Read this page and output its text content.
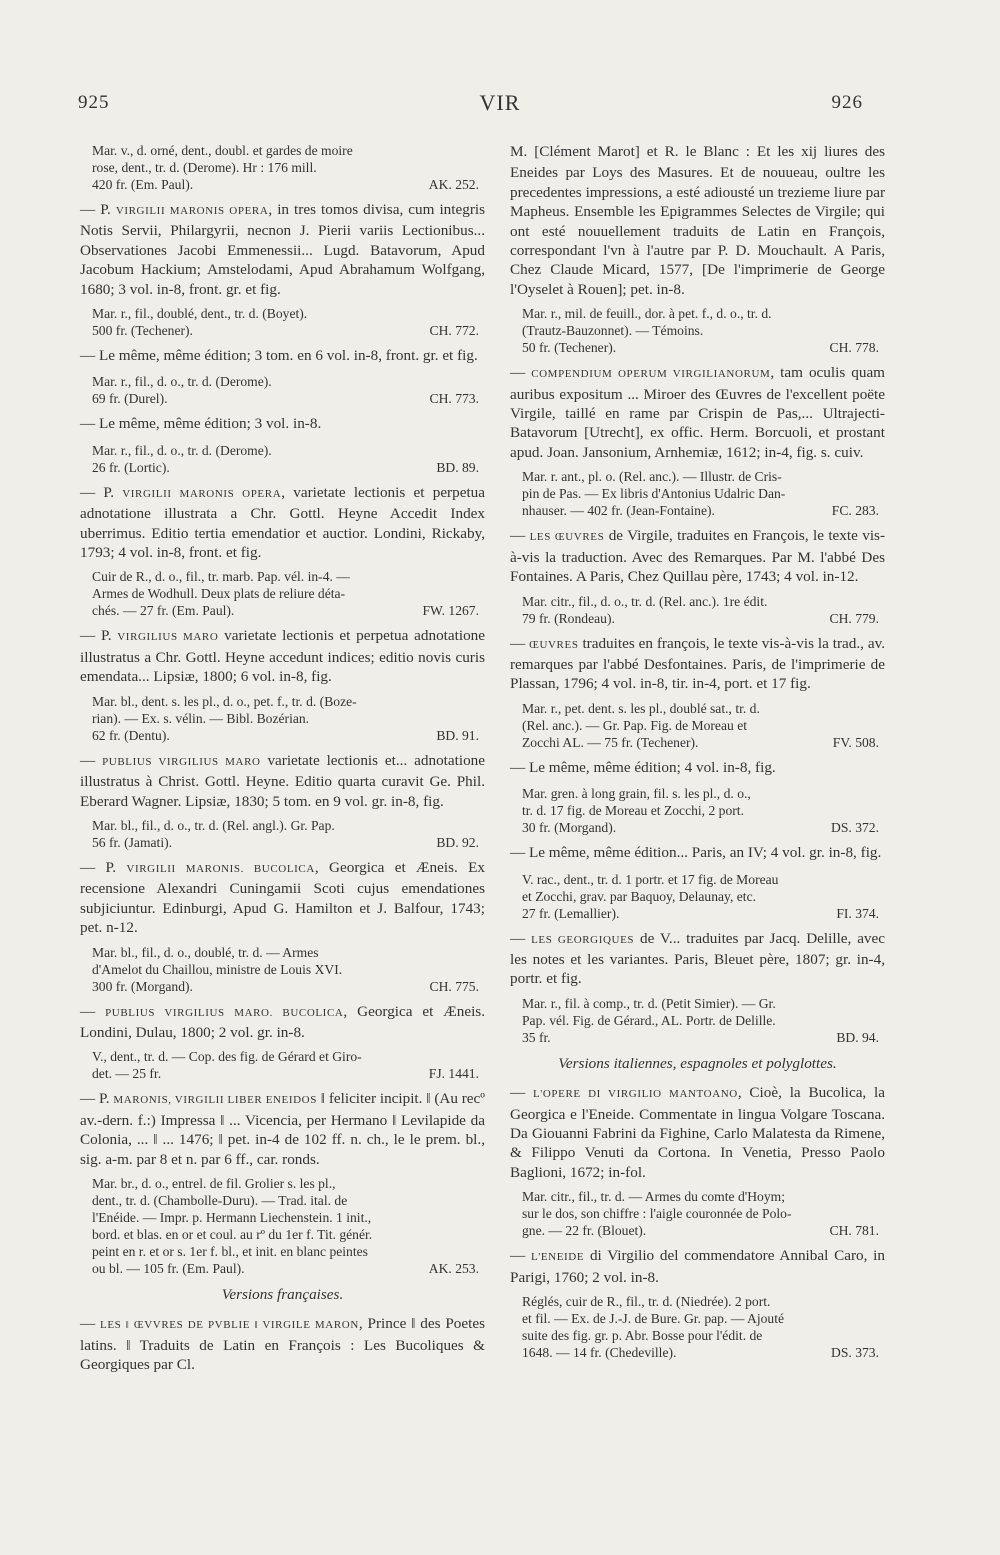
925	VIR	926
Mar. v., d. orné, dent., doubl. et gardes de moire
rose, dent., tr. d. (Derome). Hr : 176 mill.
420 fr. (Em. Paul).	AK. 252.

— P. VIRGILII MARONIS OPERA, in tres tomos divisa, cum integris Notis Servii, Philargyrii, necnon J. Pierii variis Lectionibus... Observationes Jacobi Emmenessii... Lugd. Batavorum, Apud Jacobum Hackium; Amstelodami, Apud Abrahamum Wolfgang, 1680; 3 vol. in-8, front. gr. et fig.

Mar. r., fil., doublé, dent., tr. d. (Boyet).
500 fr. (Techener).	CH. 772.

— Le même, même édition; 3 tom. en 6 vol. in-8, front. gr. et fig.

Mar. r., fil., d. o., tr. d. (Derome).
69 fr. (Durel).	CH. 773.

— Le même, même édition; 3 vol. in-8.

Mar. r., fil., d. o., tr. d. (Derome).
26 fr. (Lortic).	BD. 89.

— P. VIRGILII MARONIS OPERA, varietate lectionis et perpetua adnotatione illustrata a Chr. Gottl. Heyne Accedit Index uberrimus. Editio tertia emendatior et auctior. Londini, Rickaby, 1793; 4 vol. in-8, front. et fig.

Cuir de R., d. o., fil., tr. marb. Pap. vél. in-4. —
Armes de Wodhull. Deux plats de reliure déta-
chés. — 27 fr. (Em. Paul).	FW. 1267.

— P. VIRGILIUS MARO varietate lectionis et perpetua adnotatione illustratus a Chr. Gottl. Heyne accedunt indices; editio novis curis emendata... Lipsiæ, 1800; 6 vol. in-8, fig.

Mar. bl., dent. s. les pl., d. o., pet. f., tr. d. (Boze-
rian). — Ex. s. vélin. — Bibl. Bozérian.
62 fr. (Dentu).	BD. 91.

— PUBLIUS VIRGILIUS MARO varietate lectionis et... adnotatione illustratus à Christ. Gottl. Heyne. Editio quarta curavit Ge. Phil. Eberard Wagner. Lipsiæ, 1830; 5 tom. en 9 vol. gr. in-8, fig.

Mar. bl., fil., d. o., tr. d. (Rel. angl.). Gr. Pap.
56 fr. (Jamati).	BD. 92.

— P. VIRGILII MARONIS. BUCOLICA, Georgica et Æneis. Ex recensione Alexandri Cuningamii Scoti cujus emendationes subjiciuntur. Edinburgi, Apud G. Hamilton et J. Balfour, 1743; pet. n-12.

Mar. bl., fil., d. o., doublé, tr. d. — Armes
d'Amelot du Chaillou, ministre de Louis XVI.
300 fr. (Morgand).	CH. 775.

— PUBLIUS VIRGILIUS MARO. BUCOLICA, Georgica et Æneis. Londini, Dulau, 1800; 2 vol. gr. in-8.

V., dent., tr. d. — Cop. des fig. de Gérard et Giro-
det. — 25 fr.	FJ. 1441.

— P. MARONIS, VIRGILII LIBER ENEIDOS ‖ feliciter incipit. ‖ (Au recº av.-dern. f.:) Impressa ‖ ... Vicencia, per Hermano ‖ Levilapide da Colonia, ... ‖ ... 1476; ‖ pet. in-4 de 102 ff. n. ch., le le prem. bl., sig. a-m. par 8 et n. par 6 ff., car. ronds.

Mar. br., d. o., entrel. de fil. Grolier s. les pl.,
dent., tr. d. (Chambolle-Duru). — Trad. ital. de
l'Enéide. — Impr. p. Hermann Liechenstein. 1 init.,
bord. et blas. en or et coul. au rº du 1er f. Tit. génér.
peint en r. et or s. 1er f. bl., et init. en blanc peintes
ou bl. — 105 fr. (Em. Paul).	AK. 253.
Versions françaises.

— LES ‖ ŒVVRES DE PVBLIE ‖ VIRGILE MARON, Prince ‖ des Poetes latins. ‖ Traduits de Latin en François : Les Bucoliques & Georgiques par Cl.

M. [Clément Marot] et R. le Blanc : Et les xij liures des Eneides par Loys des Masures. Et de nouueau, oultre les precedentes impressions, a esté adiousté un trezieme liure par Mapheus. Ensemble les Epigrammes Selectes de Virgile; qui ont esté nouuellement traduits de Latin en François, correspondant l'vn à l'autre par P. D. Mouchault. A Paris, Chez Claude Micard, 1577, [De l'imprimerie de George l'Oyselet à Rouen]; pet. in-8.

Mar. r., mil. de feuill., dor. à pet. f., d. o., tr. d.
(Trautz-Bauzonnet). — Témoins.
50 fr. (Techener).	CH. 778.

— COMPENDIUM OPERUM VIRGILIANORUM, tam oculis quam auribus expositum ... Miroer des Œuvres de l'excellent poëte Virgile, taillé en rame par Crispin de Pas,... Ultrajecti-Batavorum [Utrecht], ex offic. Herm. Borcuoli, et prostant apud. Joan. Jansonium, Arnhemiæ, 1612; in-4, fig. s. cuiv.

Mar. r. ant., pl. o. (Rel. anc.). — Illustr. de Cris-
pin de Pas. — Ex libris d'Antonius Udalric Dan-
nhauser. — 402 fr. (Jean-Fontaine).	FC. 283.

— LES ŒUVRES de Virgile, traduites en François, le texte vis-à-vis la traduction. Avec des Remarques. Par M. l'abbé Des Fontaines. A Paris, Chez Quillau père, 1743; 4 vol. in-12.

Mar. citr., fil., d. o., tr. d. (Rel. anc.). 1re édit.
79 fr. (Rondeau).	CH. 779.

— ŒUVRES traduites en françois, le texte vis-à-vis la trad., av. remarques par l'abbé Desfontaines. Paris, de l'imprimerie de Plassan, 1796; 4 vol. in-8, tir. in-4, port. et 17 fig.

Mar. r., pet. dent. s. les pl., doublé sat., tr. d.
(Rel. anc.). — Gr. Pap. Fig. de Moreau et
Zocchi AL. — 75 fr. (Techener).	FV. 508.

— Le même, même édition; 4 vol. in-8, fig.

Mar. gren. à long grain, fil. s. les pl., d. o.,
tr. d. 17 fig. de Moreau et Zocchi, 2 port.
30 fr. (Morgand).	DS. 372.

— Le même, même édition... Paris, an IV; 4 vol. gr. in-8, fig.

V. rac., dent., tr. d. 1 portr. et 17 fig. de Moreau
et Zocchi, grav. par Baquoy, Delaunay, etc.
27 fr. (Lemallier).	FI. 374.

— LES GEORGIQUES de V... traduites par Jacq. Delille, avec les notes et les variantes. Paris, Bleuet père, 1807; gr. in-4, portr. et fig.

Mar. r., fil. à comp., tr. d. (Petit Simier). — Gr.
Pap. vél. Fig. de Gérard., AL. Portr. de Delille.
35 fr.	BD. 94.
Versions italiennes, espagnoles et polyglottes.

— L'OPERE DI VIRGILIO MANTOANO, Cioè, la Bucolica, la Georgica e l'Eneide. Commentate in lingua Volgare Toscana. Da Giouanni Fabrini da Fighine, Carlo Malatesta da Rimene, & Filippo Venuti da Cortona. In Venetia, Presso Paolo Baglioni, 1672; in-fol.

Mar. citr., fil., tr. d. — Armes du comte d'Hoym;
sur le dos, son chiffre : l'aigle couronnée de Polo-
gne. — 22 fr. (Blouet).	CH. 781.

— L'ENEIDE di Virgilio del commendatore Annibal Caro, in Parigi, 1760; 2 vol. in-8.

Réglés, cuir de R., fil., tr. d. (Niedrée). 2 port.
et fil. — Ex. de J.-J. de Bure. Gr. pap. — Ajouté
suite des fig. gr. p. Abr. Bosse pour l'édit. de
1648. — 14 fr. (Chedeville).	DS. 373.
